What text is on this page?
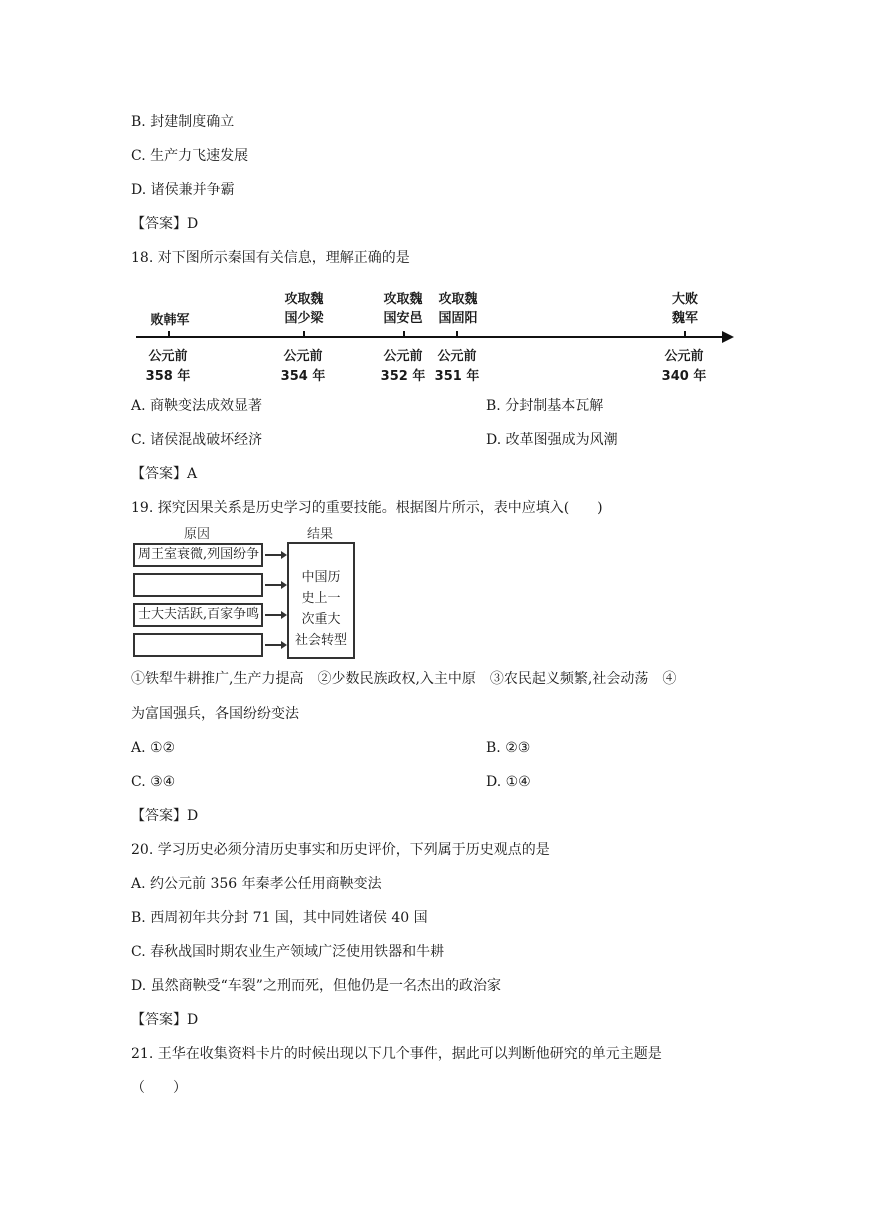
B. 封建制度确立
C. 生产力飞速发展
D. 诸侯兼并争霸
【答案】D
18. 对下图所示秦国有关信息，理解正确的是
败韩军
攻取魏
国少梁
攻取魏
国安邑
攻取魏
国固阳
大败
魏军
公元前
358 年
公元前
354 年
公元前
352 年
公元前
351 年
公元前
340 年
A. 商鞅变法成效显著	B. 分封制基本瓦解
C. 诸侯混战破坏经济	D. 改革图强成为风潮
【答案】A
19. 探究因果关系是历史学习的重要技能。根据图片所示，表中应填入(　　)
原因	结果
周王室衰微,列国纷争
士大夫活跃,百家争鸣
中国历
史上一
次重大
社会转型
①铁犁牛耕推广,生产力提高　②少数民族政权,入主中原　③农民起义频繁,社会动荡　④
为富国强兵，各国纷纷变法
A. ①②	B. ②③
C. ③④	D. ①④
【答案】D
20. 学习历史必须分清历史事实和历史评价，下列属于历史观点的是
A. 约公元前 356 年秦孝公任用商鞅变法
B. 西周初年共分封 71 国，其中同姓诸侯 40 国
C. 春秋战国时期农业生产领域广泛使用铁器和牛耕
D. 虽然商鞅受“车裂”之刑而死，但他仍是一名杰出的政治家
【答案】D
21. 王华在收集资料卡片的时候出现以下几个事件，据此可以判断他研究的单元主题是
（　　）
